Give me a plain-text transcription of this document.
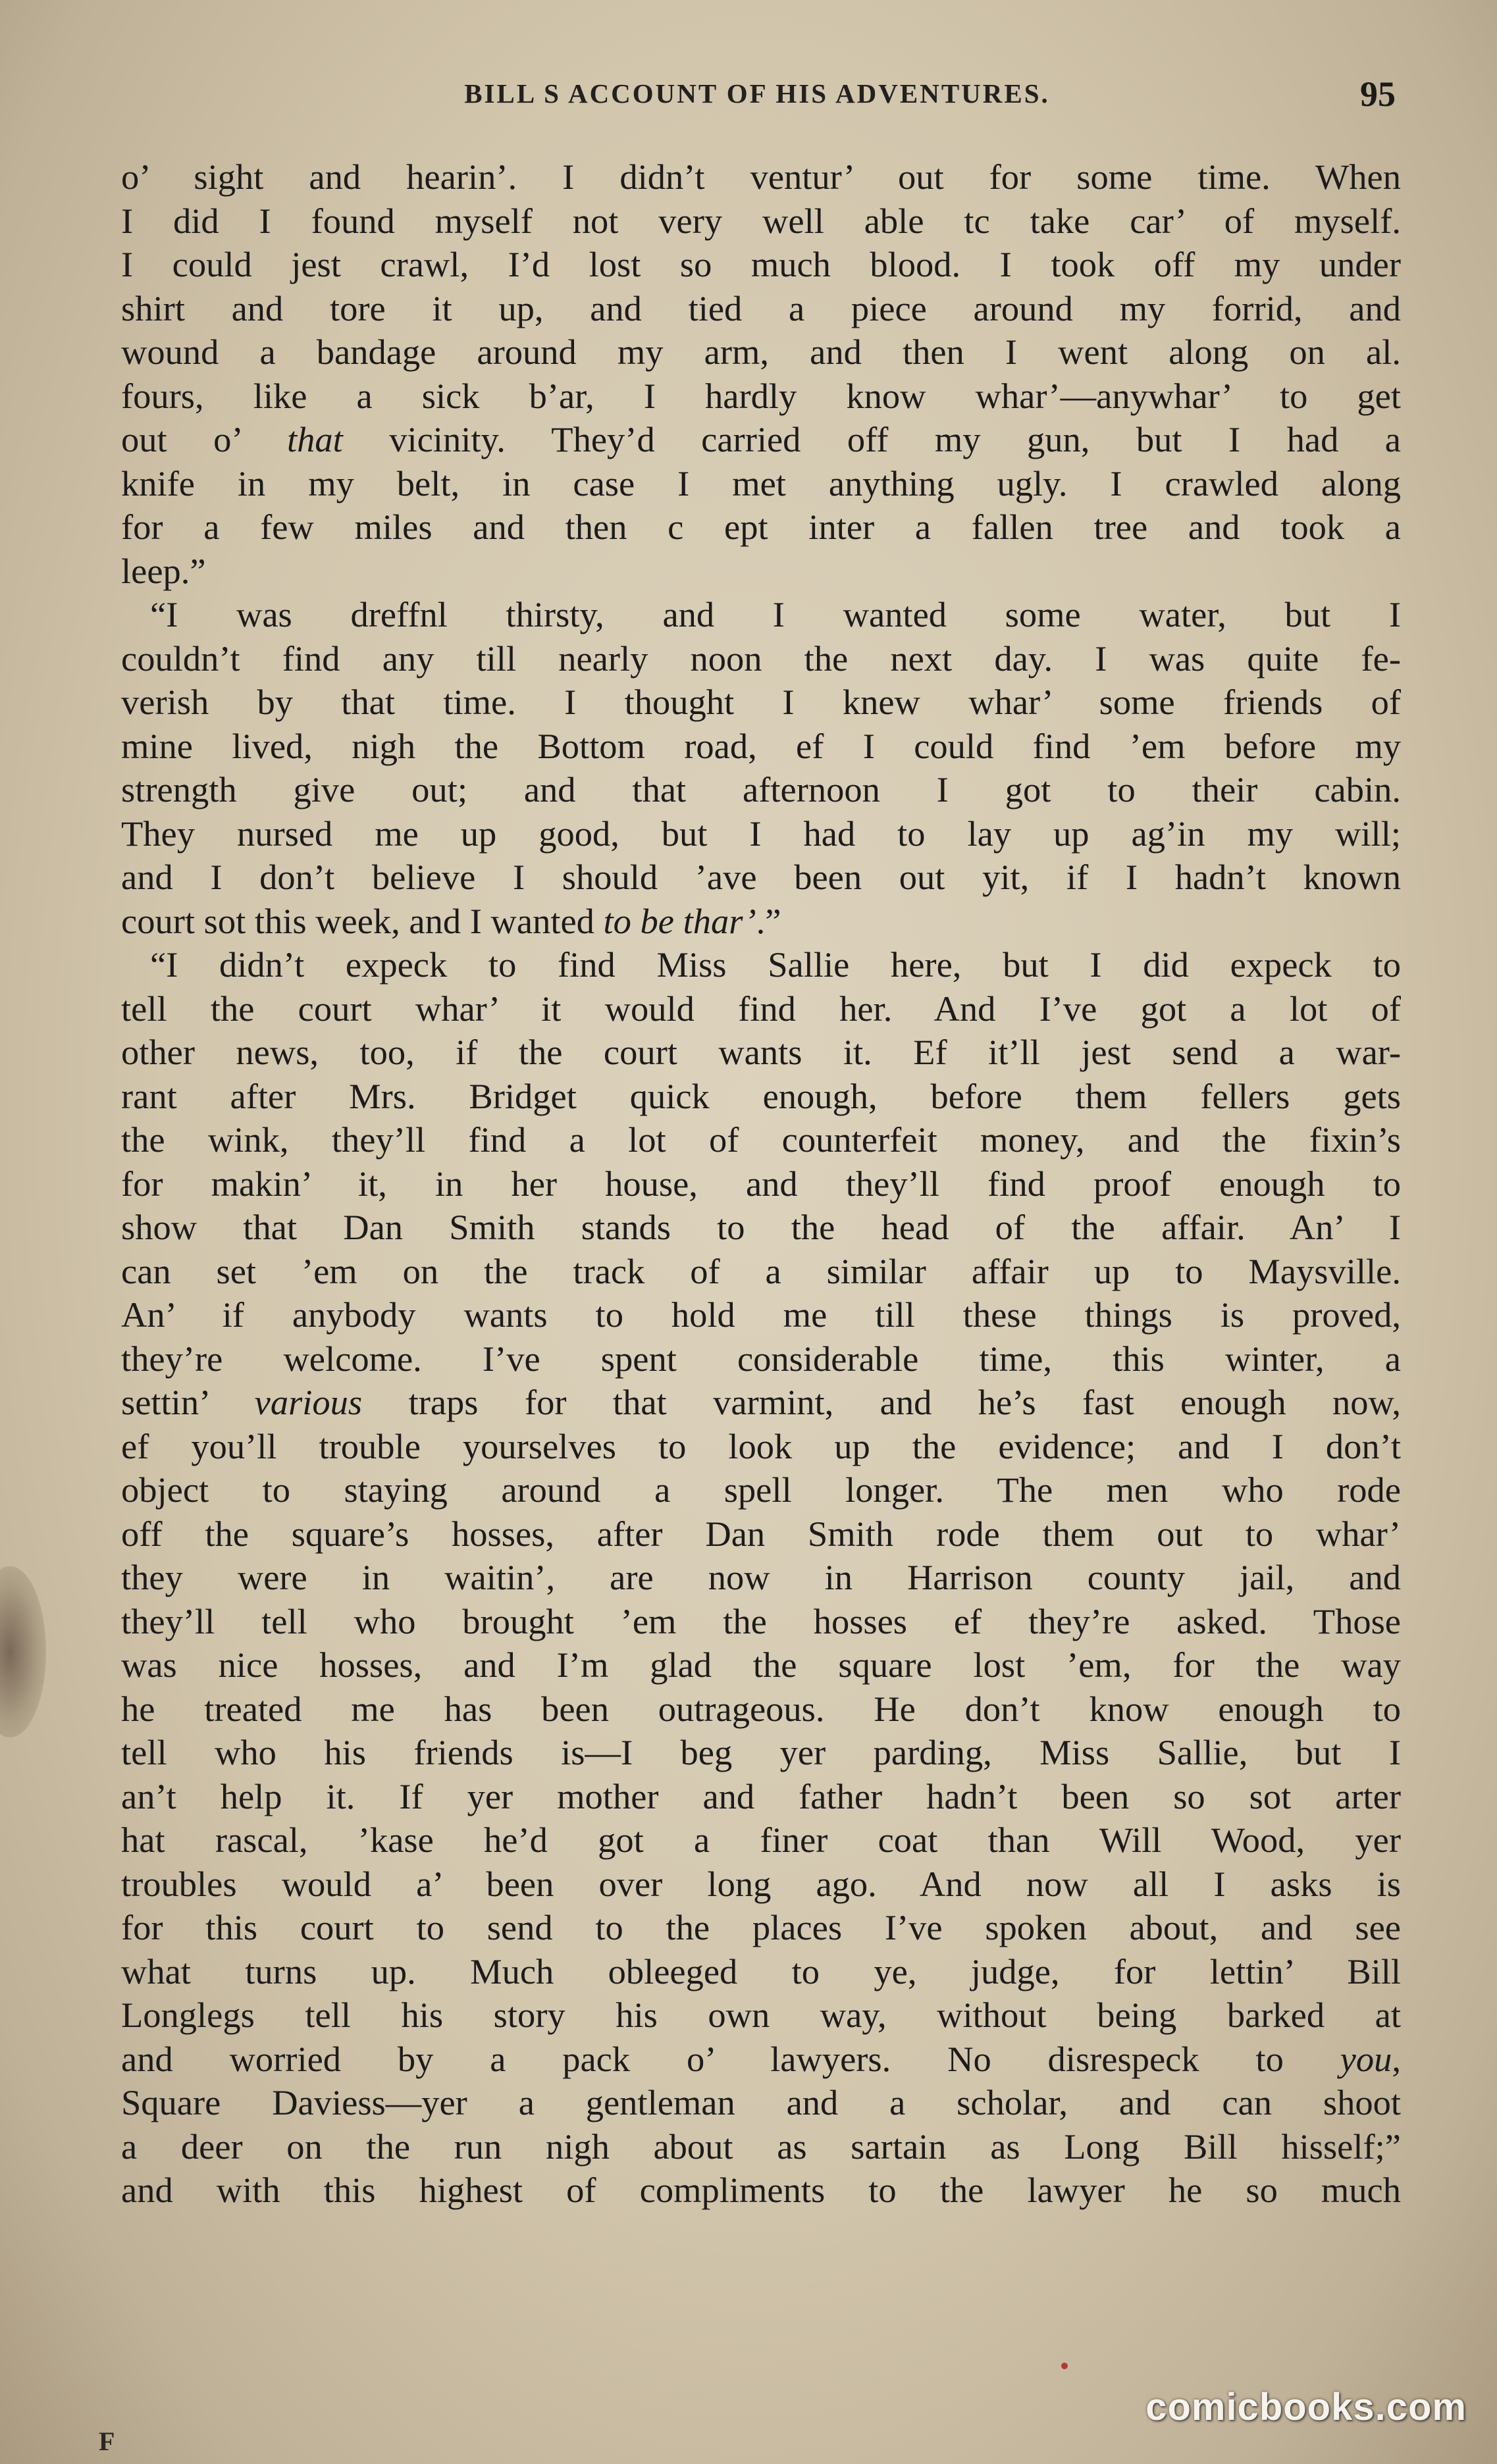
BILL S ACCOUNT OF HIS ADVENTURES.	95
o’ sight and hearin’. I didn’t ventur’ out for some time. When
I did I found myself not very well able tc take car’ of myself.
I could jest crawl, I’d lost so much blood. I took off my under
shirt and tore it up, and tied a piece around my forrid, and
wound a bandage around my arm, and then I went along on al.
fours, like a sick b’ar, I hardly know whar’—anywhar’ to get
out o’ that vicinity. They’d carried off my gun, but I had a
knife in my belt, in case I met anything ugly. I crawled along
for a few miles and then c ept inter a fallen tree and took a
leep.”
“I was dreffnl thirsty, and I wanted some water, but I
couldn’t find any till nearly noon the next day. I was quite fe-
verish by that time. I thought I knew whar’ some friends of
mine lived, nigh the Bottom road, ef I could find ’em before my
strength give out; and that afternoon I got to their cabin.
They nursed me up good, but I had to lay up ag’in my will;
and I don’t believe I should ’ave been out yit, if I hadn’t known
court sot this week, and I wanted to be thar’.”
“I didn’t expeck to find Miss Sallie here, but I did expeck to
tell the court whar’ it would find her. And I’ve got a lot of
other news, too, if the court wants it. Ef it’ll jest send a war-
rant after Mrs. Bridget quick enough, before them fellers gets
the wink, they’ll find a lot of counterfeit money, and the fixin’s
for makin’ it, in her house, and they’ll find proof enough to
show that Dan Smith stands to the head of the affair. An’ I
can set ’em on the track of a similar affair up to Maysville.
An’ if anybody wants to hold me till these things is proved,
they’re welcome. I’ve spent considerable time, this winter, a
settin’ various traps for that varmint, and he’s fast enough now,
ef you’ll trouble yourselves to look up the evidence; and I don’t
object to staying around a spell longer. The men who rode
off the square’s hosses, after Dan Smith rode them out to whar’
they were in waitin’, are now in Harrison county jail, and
they’ll tell who brought ’em the hosses ef they’re asked. Those
was nice hosses, and I’m glad the square lost ’em, for the way
he treated me has been outrageous. He don’t know enough to
tell who his friends is—I beg yer parding, Miss Sallie, but I
an’t help it. If yer mother and father hadn’t been so sot arter
hat rascal, ’kase he’d got a finer coat than Will Wood, yer
troubles would a’ been over long ago. And now all I asks is
for this court to send to the places I’ve spoken about, and see
what turns up. Much obleeged to ye, judge, for lettin’ Bill
Longlegs tell his story his own way, without being barked at
and worried by a pack o’ lawyers. No disrespeck to you,
Square Daviess—yer a gentleman and a scholar, and can shoot
a deer on the run nigh about as sartain as Long Bill hisself;”
and with this highest of compliments to the lawyer he so much
F
comicbooks.com
